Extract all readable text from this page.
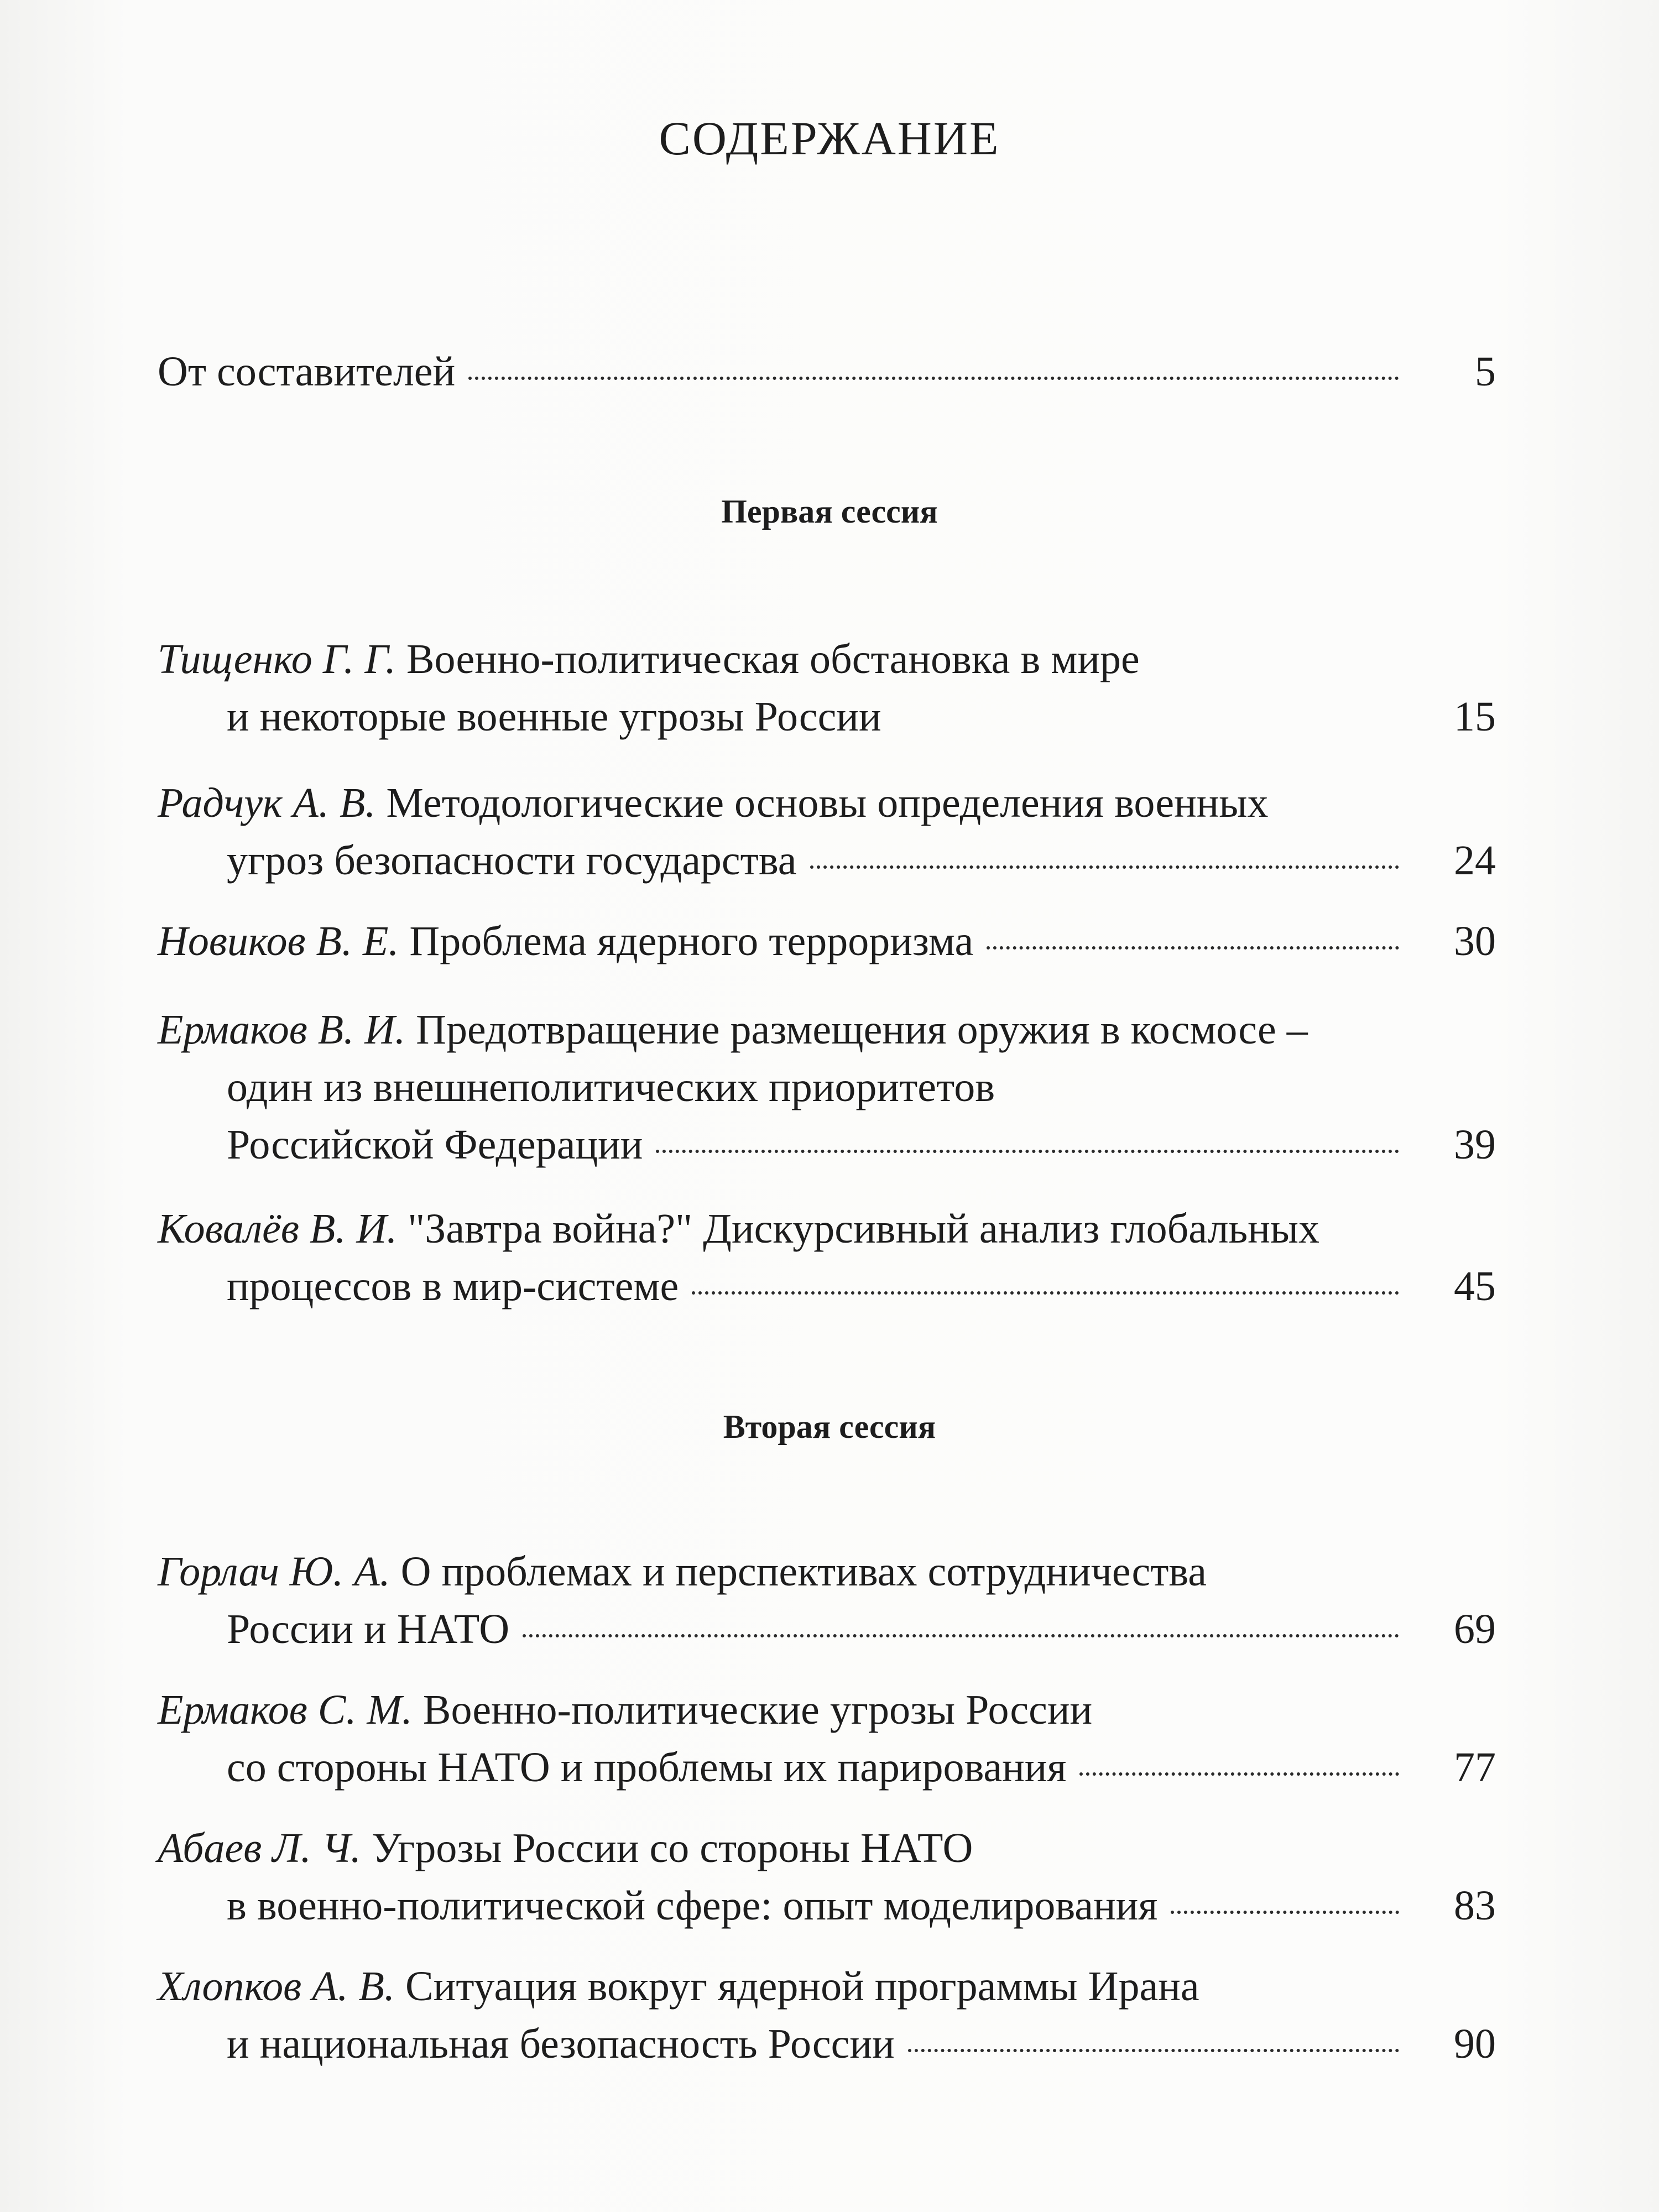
СОДЕРЖАНИЕ
От составителей	5
Первая сессия
Тищенко Г. Г.
Военно-политическая обстановка в мире
и некоторые военные угрозы России	15
Радчук А. В.
Методологические основы определения военных
угроз безопасности государства	24
Новиков В. Е.
Проблема ядерного терроризма	30
Ермаков В. И.
Предотвращение размещения оружия в космосе –
один из внешнеполитических приоритетов
Российской Федерации	39
Ковалёв В. И.
"Завтра война?" Дискурсивный анализ глобальных
процессов в мир-системе	45
Вторая сессия
Горлач Ю. А.
О проблемах и перспективах сотрудничества
России и НАТО	69
Ермаков С. М.
Военно-политические угрозы России
со стороны НАТО и проблемы их парирования	77
Абаев Л. Ч.
Угрозы России со стороны НАТО
в военно-политической сфере: опыт моделирования	83
Хлопков А. В.
Ситуация вокруг ядерной программы Ирана
и национальная безопасность России	90
